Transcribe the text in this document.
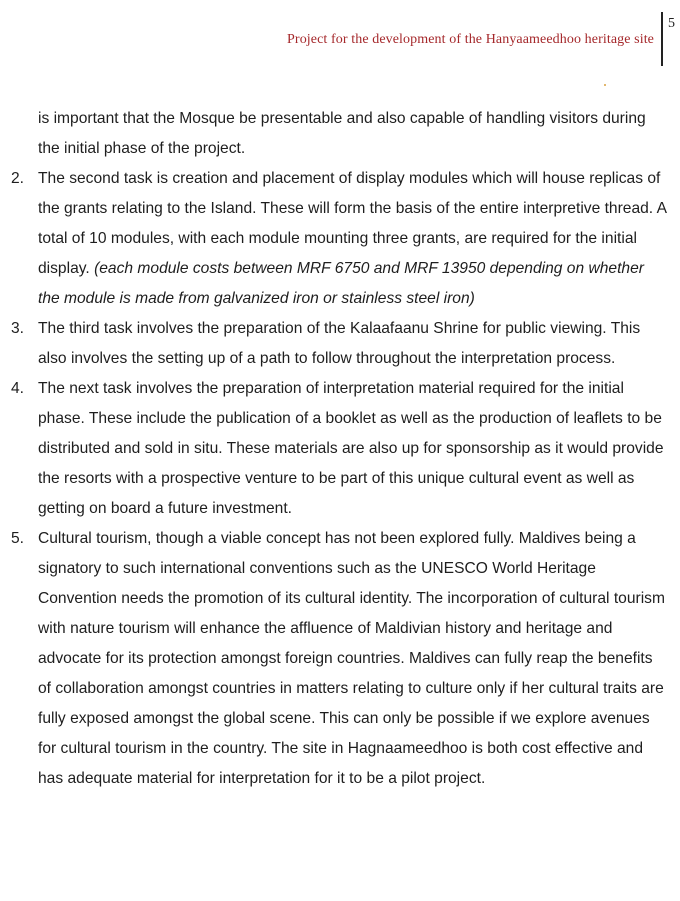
Project for the development of the Hanyaameedhoo heritage site
5

is important that the Mosque be presentable and also capable of handling visitors during the initial phase of the project.

2. The second task is creation and placement of display modules which will house replicas of the grants relating to the Island. These will form the basis of the entire interpretive thread. A total of 10 modules, with each module mounting three grants, are required for the initial display. (each module costs between MRF 6750 and MRF 13950 depending on whether the module is made from galvanized iron or stainless steel iron)
3. The third task involves the preparation of the Kalaafaanu Shrine for public viewing. This also involves the setting up of a path to follow throughout the interpretation process.
4. The next task involves the preparation of interpretation material required for the initial phase. These include the publication of a booklet as well as the production of leaflets to be distributed and sold in situ. These materials are also up for sponsorship as it would provide the resorts with a prospective venture to be part of this unique cultural event as well as getting on board a future investment.
5. Cultural tourism, though a viable concept has not been explored fully. Maldives being a signatory to such international conventions such as the UNESCO World Heritage Convention needs the promotion of its cultural identity. The incorporation of cultural tourism with nature tourism will enhance the affluence of Maldivian history and heritage and advocate for its protection amongst foreign countries. Maldives can fully reap the benefits of collaboration amongst countries in matters relating to culture only if her cultural traits are fully exposed amongst the global scene. This can only be possible if we explore avenues for cultural tourism in the country. The site in Hagnaameedhoo is both cost effective and has adequate material for interpretation for it to be a pilot project.
